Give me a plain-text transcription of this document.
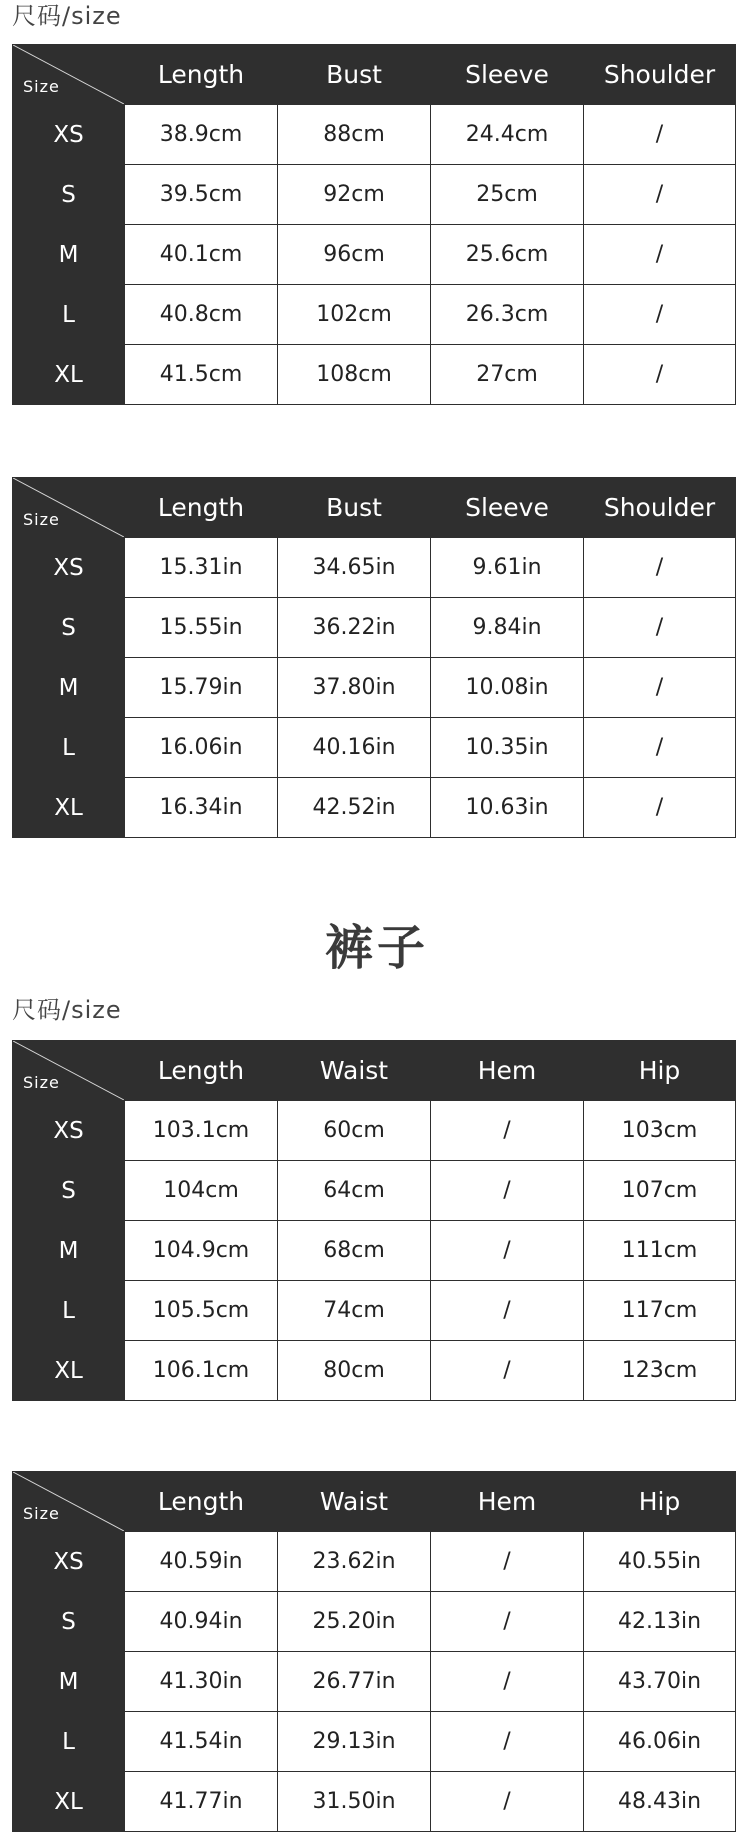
尺码/size
Size	Length	Bust	Sleeve	Shoulder
XS	38.9cm	88cm	24.4cm	/
S	39.5cm	92cm	25cm	/
M	40.1cm	96cm	25.6cm	/
L	40.8cm	102cm	26.3cm	/
XL	41.5cm	108cm	27cm	/
Size	Length	Bust	Sleeve	Shoulder
XS	15.31in	34.65in	9.61in	/
S	15.55in	36.22in	9.84in	/
M	15.79in	37.80in	10.08in	/
L	16.06in	40.16in	10.35in	/
XL	16.34in	42.52in	10.63in	/
裤子
尺码/size
Size	Length	Waist	Hem	Hip
XS	103.1cm	60cm	/	103cm
S	104cm	64cm	/	107cm
M	104.9cm	68cm	/	111cm
L	105.5cm	74cm	/	117cm
XL	106.1cm	80cm	/	123cm
Size	Length	Waist	Hem	Hip
XS	40.59in	23.62in	/	40.55in
S	40.94in	25.20in	/	42.13in
M	41.30in	26.77in	/	43.70in
L	41.54in	29.13in	/	46.06in
XL	41.77in	31.50in	/	48.43in
